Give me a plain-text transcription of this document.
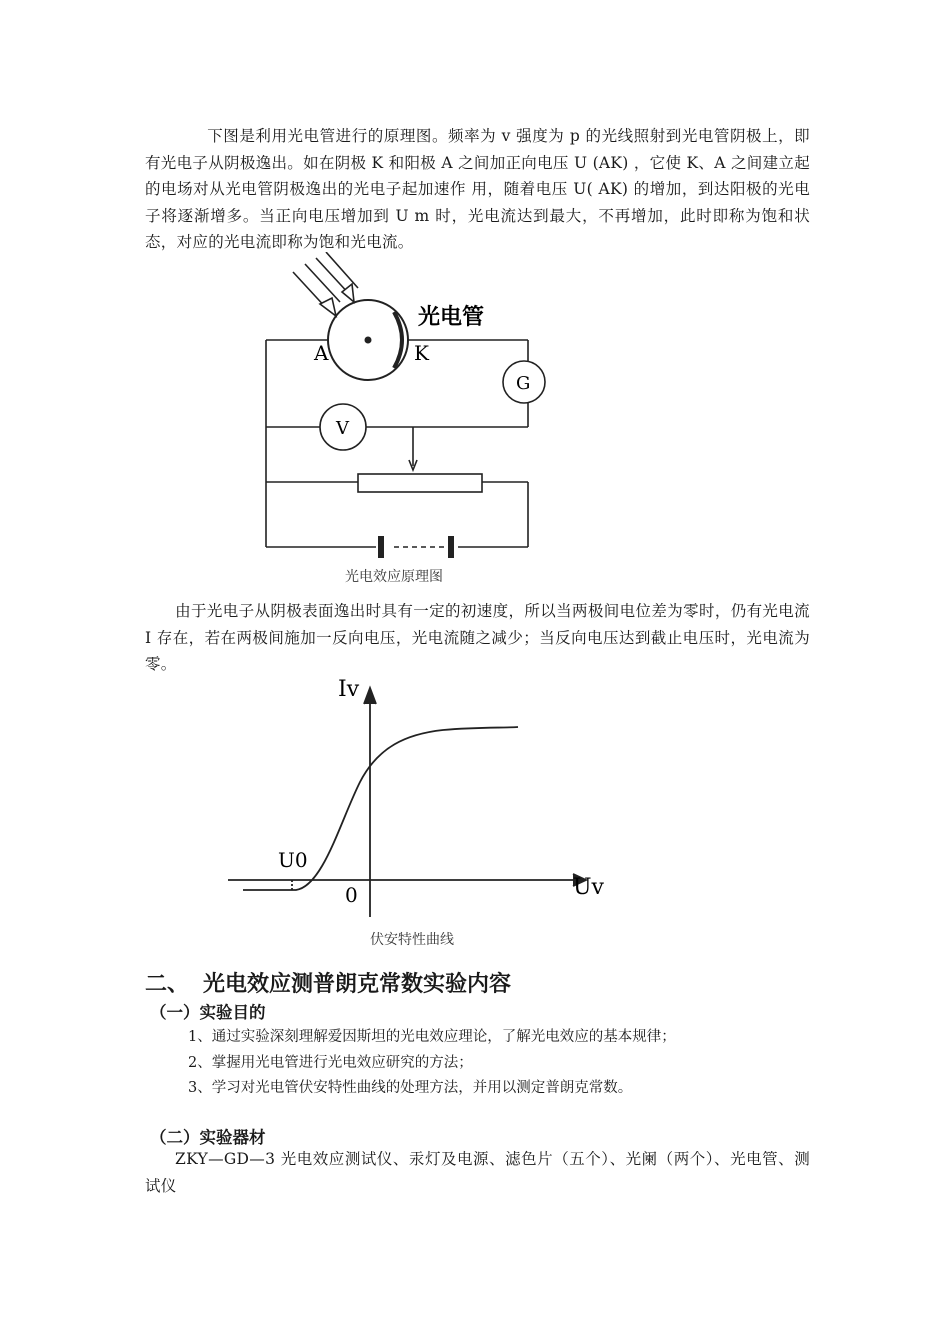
下图是利用光电管进行的原理图。频率为 v 强度为 p 的光线照射到光电管阴极上，即有光电子从阴极逸出。如在阴极 K 和阳极 A 之间加正向电压 U (AK) ，它使 K、A 之间建立起的电场对从光电管阴极逸出的光电子起加速作 用，随着电压 U( AK) 的增加，到达阳极的光电子将逐渐增多。当正向电压增加到 U m 时，光电流达到最大，不再增加，此时即称为饱和状态，对应的光电流即称为饱和光电流。
光电管
A	K
G
V
光电效应原理图
由于光电子从阴极表面逸出时具有一定的初速度，所以当两极间电位差为零时，仍有光电流 I 存在，若在两极间施加一反向电压，光电流随之减少；当反向电压达到截止电压时，光电流为零。
Iv
Uv
0
U0
伏安特性曲线
二、 光电效应测普朗克常数实验内容
（一）实验目的
1、通过实验深刻理解爱因斯坦的光电效应理论，了解光电效应的基本规律；
2、掌握用光电管进行光电效应研究的方法；
3、学习对光电管伏安特性曲线的处理方法，并用以测定普朗克常数。
（二）实验器材
ZKY—GD—3 光电效应测试仪、汞灯及电源、滤色片（五个）、光阑（两个）、光电管、测试仪
